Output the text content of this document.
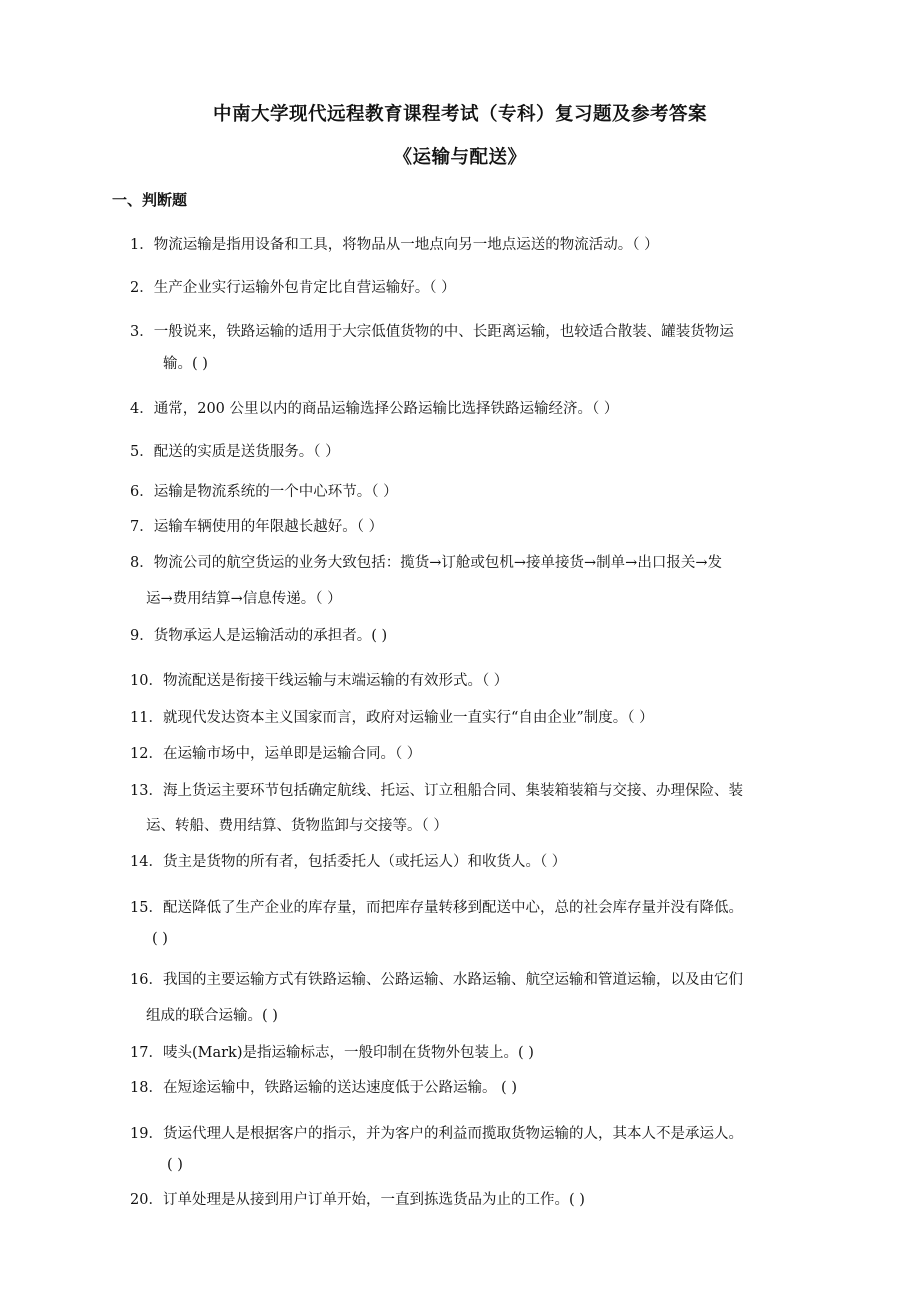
中南大学现代远程教育课程考试（专科）复习题及参考答案
《运输与配送》
一、判断题
1．物流运输是指用设备和工具，将物品从一地点向另一地点运送的物流活动。（ ）
2．生产企业实行运输外包肯定比自营运输好。（ ）
3．一般说来，铁路运输的适用于大宗低值货物的中、长距离运输，也较适合散装、罐装货物运
输。( )
4．通常，200 公里以内的商品运输选择公路运输比选择铁路运输经济。（ ）
5．配送的实质是送货服务。（ ）
6．运输是物流系统的一个中心环节。（ ）
7．运输车辆使用的年限越长越好。（ ）
8．物流公司的航空货运的业务大致包括：揽货→订舱或包机→接单接货→制单→出口报关→发
运→费用结算→信息传递。（ ）
9．货物承运人是运输活动的承担者。( )
10．物流配送是衔接干线运输与末端运输的有效形式。（ ）
11．就现代发达资本主义国家而言，政府对运输业一直实行“自由企业”制度。（ ）
12．在运输市场中，运单即是运输合同。（ ）
13．海上货运主要环节包括确定航线、托运、订立租船合同、集装箱装箱与交接、办理保险、装
运、转船、费用结算、货物监卸与交接等。（ ）
14．货主是货物的所有者，包括委托人（或托运人）和收货人。（ ）
15．配送降低了生产企业的库存量，而把库存量转移到配送中心，总的社会库存量并没有降低。
( )
16．我国的主要运输方式有铁路运输、公路运输、水路运输、航空运输和管道运输，以及由它们
组成的联合运输。( )
17．唛头(Mark)是指运输标志，一般印制在货物外包装上。( )
18．在短途运输中，铁路运输的送达速度低于公路运输。 ( )
19．货运代理人是根据客户的指示，并为客户的利益而揽取货物运输的人，其本人不是承运人。
( )
20．订单处理是从接到用户订单开始，一直到拣选货品为止的工作。( )
